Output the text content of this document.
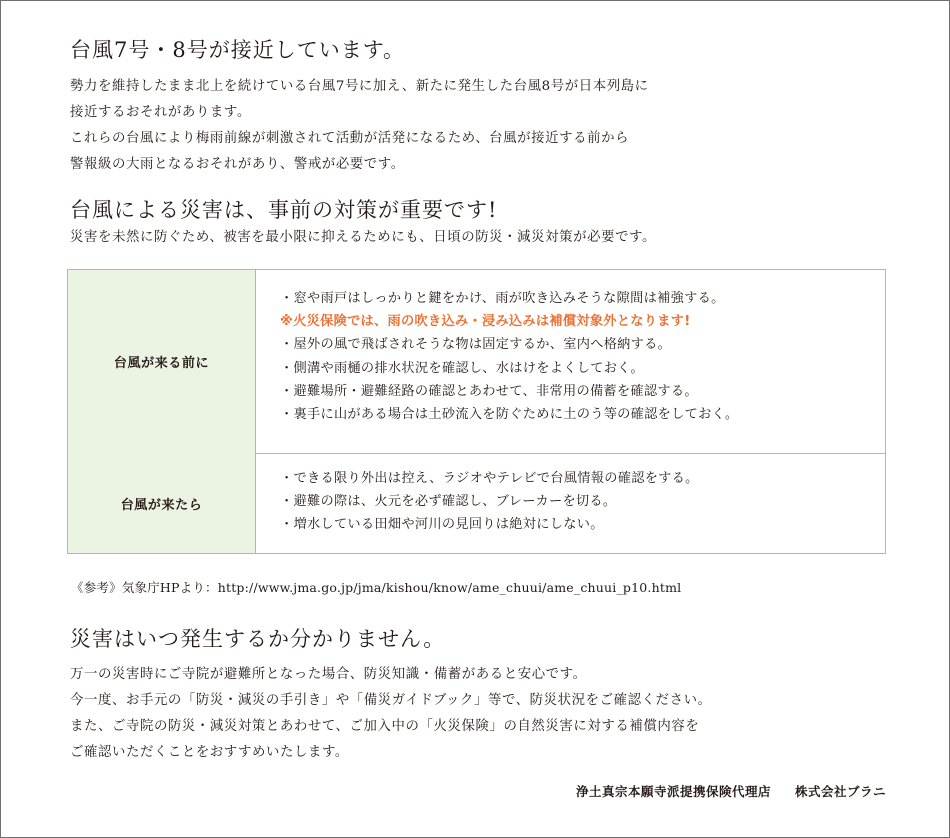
台風7号・8号が接近しています。
勢力を維持したまま北上を続けている台風7号に加え、新たに発生した台風8号が日本列島に
接近するおそれがあります。
これらの台風により梅雨前線が刺激されて活動が活発になるため、台風が接近する前から
警報級の大雨となるおそれがあり、警戒が必要です。
台風による災害は、事前の対策が重要です!
災害を未然に防ぐため、被害を最小限に抑えるためにも、日頃の防災・減災対策が必要です。
台風が来る前に
・窓や雨戸はしっかりと鍵をかけ、雨が吹き込みそうな隙間は補強する。
※火災保険では、雨の吹き込み・浸み込みは補償対象外となります!
・屋外の風で飛ばされそうな物は固定するか、室内へ格納する。
・側溝や雨樋の排水状況を確認し、水はけをよくしておく。
・避難場所・避難経路の確認とあわせて、非常用の備蓄を確認する。
・裏手に山がある場合は土砂流入を防ぐために土のう等の確認をしておく。
台風が来たら
・できる限り外出は控え、ラジオやテレビで台風情報の確認をする。
・避難の際は、火元を必ず確認し、ブレーカーを切る。
・増水している田畑や河川の見回りは絶対にしない。
《参考》気象庁HPより：http://www.jma.go.jp/jma/kishou/know/ame_chuui/ame_chuui_p10.html
災害はいつ発生するか分かりません。
万一の災害時にご寺院が避難所となった場合、防災知識・備蓄があると安心です。
今一度、お手元の「防災・減災の手引き」や「備災ガイドブック」等で、防災状況をご確認ください。
また、ご寺院の防災・減災対策とあわせて、ご加入中の「火災保険」の自然災害に対する補償内容を
ご確認いただくことをおすすめいたします。
浄土真宗本願寺派提携保険代理店 株式会社ブラニ
